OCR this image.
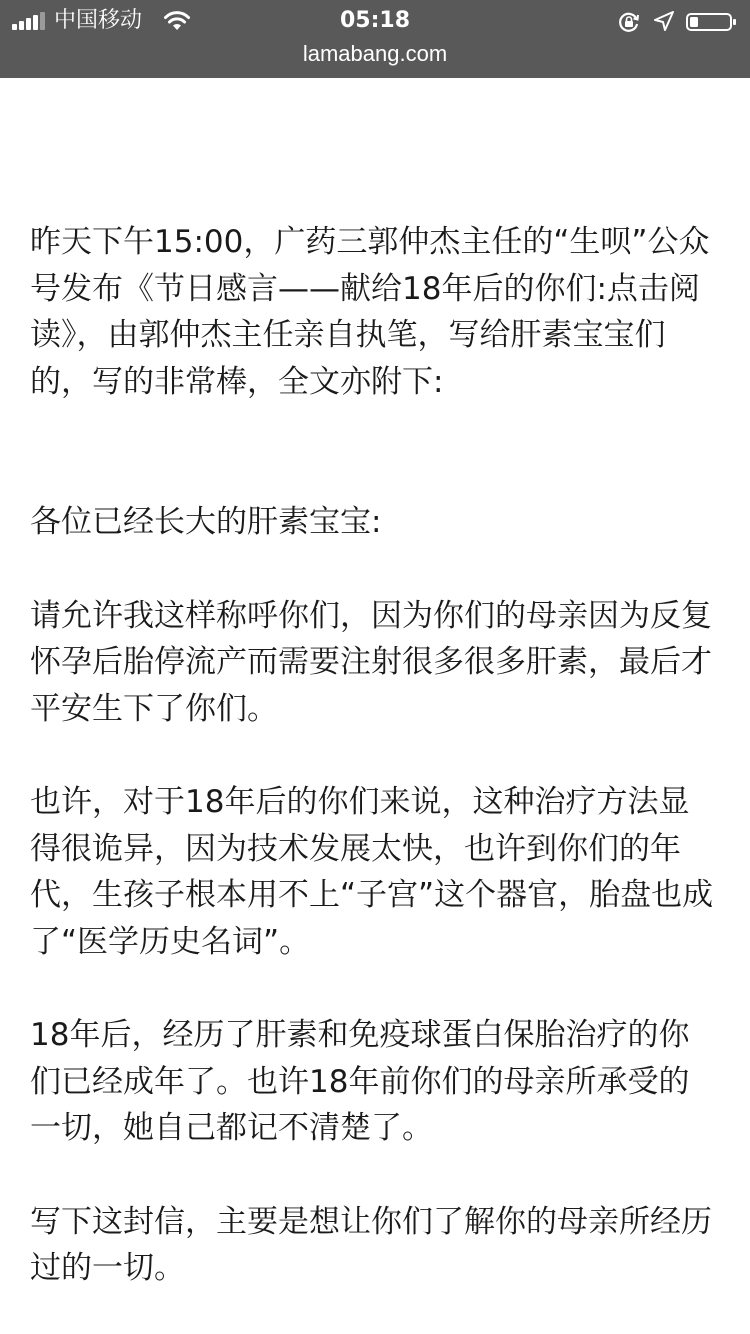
中国移动	05:18
lamabang.com

昨天下午15:00，广药三郭仲杰主任的“生呗”公众号发布《节日感言——献给18年后的你们:点击阅读》，由郭仲杰主任亲自执笔，写给肝素宝宝们的，写的非常棒，全文亦附下:

各位已经长大的肝素宝宝:

请允许我这样称呼你们，因为你们的母亲因为反复怀孕后胎停流产而需要注射很多很多肝素，最后才平安生下了你们。

也许，对于18年后的你们来说，这种治疗方法显得很诡异，因为技术发展太快，也许到你们的年代，生孩子根本用不上“子宫”这个器官，胎盘也成了“医学历史名词”。

18年后，经历了肝素和免疫球蛋白保胎治疗的你们已经成年了。也许18年前你们的母亲所承受的一切，她自己都记不清楚了。

写下这封信，主要是想让你们了解你的母亲所经历过的一切。
